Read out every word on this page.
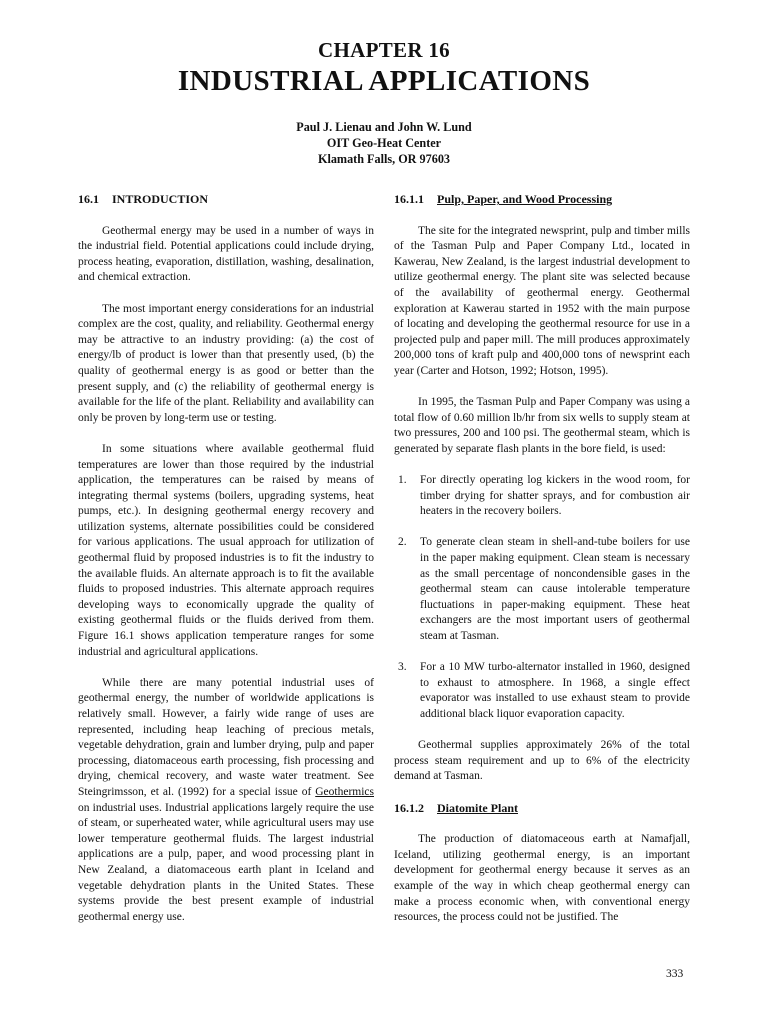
CHAPTER 16
INDUSTRIAL APPLICATIONS
Paul J. Lienau and John W. Lund
OIT Geo-Heat Center
Klamath Falls, OR 97603
16.1 INTRODUCTION

Geothermal energy may be used in a number of ways in the industrial field. Potential applications could include drying, process heating, evaporation, distillation, washing, desalination, and chemical extraction.

The most important energy considerations for an industrial complex are the cost, quality, and reliability. Geothermal energy may be attractive to an industry providing: (a) the cost of energy/lb of product is lower than that presently used, (b) the quality of geothermal energy is as good or better than the present supply, and (c) the reliability of geothermal energy is available for the life of the plant. Reliability and availability can only be proven by long-term use or testing.

In some situations where available geothermal fluid temperatures are lower than those required by the industrial application, the temperatures can be raised by means of integrating thermal systems (boilers, upgrading systems, heat pumps, etc.). In designing geothermal energy recovery and utilization systems, alternate possibilities could be considered for various applications. The usual approach for utilization of geothermal fluid by proposed industries is to fit the industry to the available fluids. An alternate approach is to fit the available fluids to proposed industries. This alternate approach requires developing ways to economically upgrade the quality of existing geothermal fluids or the fluids derived from them. Figure 16.1 shows application temperature ranges for some industrial and agricultural applications.

While there are many potential industrial uses of geothermal energy, the number of worldwide applications is relatively small. However, a fairly wide range of uses are represented, including heap leaching of precious metals, vegetable dehydration, grain and lumber drying, pulp and paper processing, diatomaceous earth processing, fish processing and drying, chemical recovery, and waste water treatment. See Steingrimsson, et al. (1992) for a special issue of Geothermics on industrial uses. Industrial applications largely require the use of steam, or superheated water, while agricultural users may use lower temperature geothermal fluids. The largest industrial applications are a pulp, paper, and wood processing plant in New Zealand, a diatomaceous earth plant in Iceland and vegetable dehydration plants in the United States. These systems provide the best present example of industrial geothermal energy use.

16.1.1 Pulp, Paper, and Wood Processing

The site for the integrated newsprint, pulp and timber mills of the Tasman Pulp and Paper Company Ltd., located in Kawerau, New Zealand, is the largest industrial development to utilize geothermal energy. The plant site was selected because of the availability of geothermal energy. Geothermal exploration at Kawerau started in 1952 with the main purpose of locating and developing the geothermal resource for use in a projected pulp and paper mill. The mill produces approximately 200,000 tons of kraft pulp and 400,000 tons of newsprint each year (Carter and Hotson, 1992; Hotson, 1995).

In 1995, the Tasman Pulp and Paper Company was using a total flow of 0.60 million lb/hr from six wells to supply steam at two pressures, 200 and 100 psi. The geothermal steam, which is generated by separate flash plants in the bore field, is used:

1. For directly operating log kickers in the wood room, for timber drying for shatter sprays, and for combustion air heaters in the recovery boilers.
2. To generate clean steam in shell-and-tube boilers for use in the paper making equipment. Clean steam is necessary as the small percentage of noncondensible gases in the geothermal steam can cause intolerable temperature fluctuations in paper-making equipment. These heat exchangers are the most important users of geothermal steam at Tasman.
3. For a 10 MW turbo-alternator installed in 1960, designed to exhaust to atmosphere. In 1968, a single effect evaporator was installed to use exhaust steam to provide additional black liquor evaporation capacity.

Geothermal supplies approximately 26% of the total process steam requirement and up to 6% of the electricity demand at Tasman.

16.1.2 Diatomite Plant

The production of diatomaceous earth at Namafjall, Iceland, utilizing geothermal energy, is an important development for geothermal energy because it serves as an example of the way in which cheap geothermal energy can make a process economic when, with conventional energy resources, the process could not be justified. The

333
